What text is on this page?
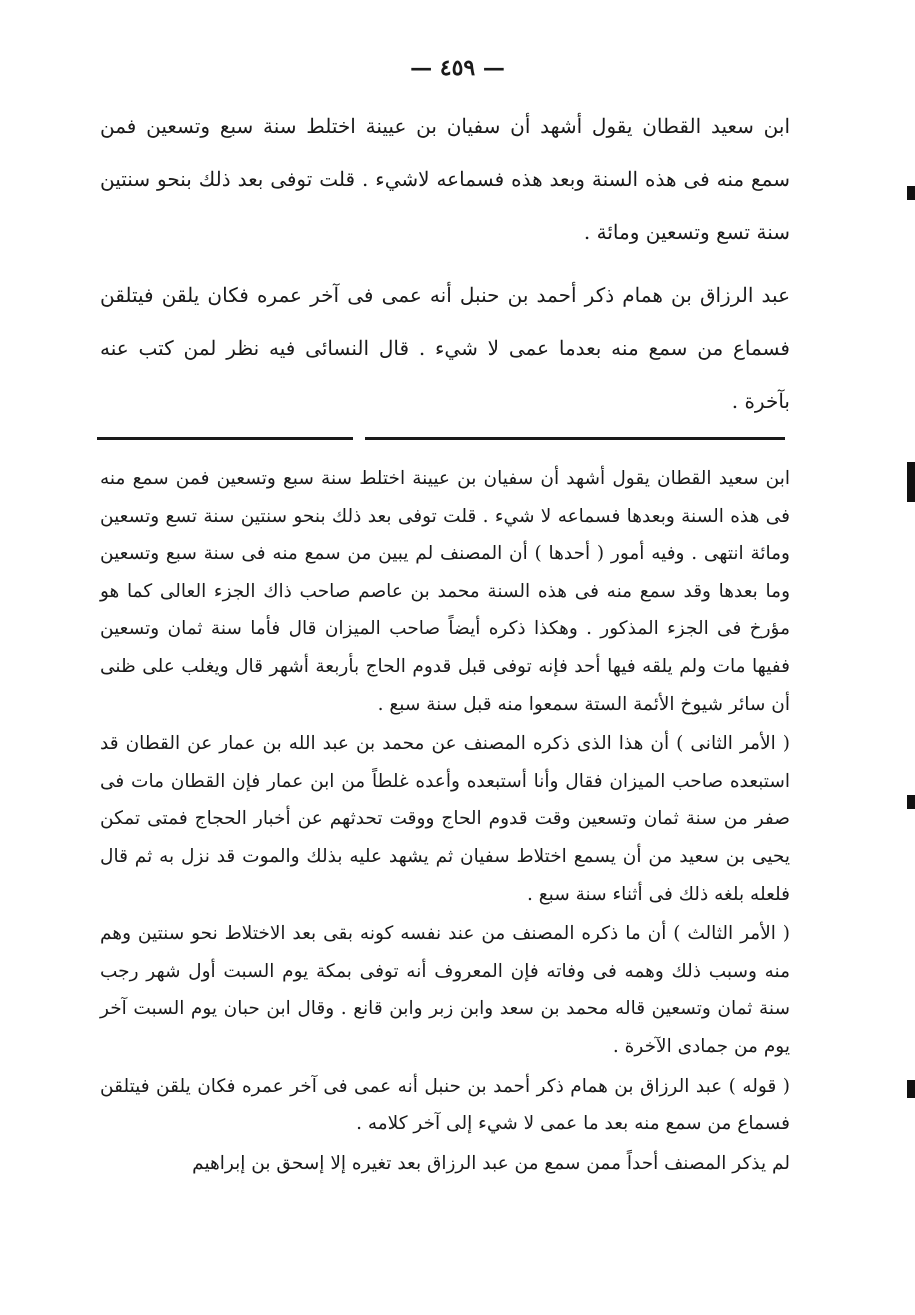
— ٤٥٩ —

ابن سعيد القطان يقول أشهد أن سفيان بن عيينة اختلط سنة سبع وتسعين فمن سمع منه فى هذه السنة وبعد هذه فسماعه لاشيء . قلت توفى بعد ذلك بنحو سنتين سنة تسع وتسعين ومائة .

عبد الرزاق بن همام ذكر أحمد بن حنبل أنه عمى فى آخر عمره فكان يلقن فيتلقن فسماع من سمع منه بعدما عمى لا شيء . قال النسائى فيه نظر لمن كتب عنه بآخرة .

ابن سعيد القطان يقول أشهد أن سفيان بن عيينة اختلط سنة سبع وتسعين فمن سمع منه فى هذه السنة وبعدها فسماعه لا شيء . قلت توفى بعد ذلك بنحو سنتين سنة تسع وتسعين ومائة انتهى . وفيه أمور ( أحدها ) أن المصنف لم يبين من سمع منه فى سنة سبع وتسعين وما بعدها وقد سمع منه فى هذه السنة محمد بن عاصم صاحب ذاك الجزء العالى كما هو مؤرخ فى الجزء المذكور . وهكذا ذكره أيضاً صاحب الميزان قال فأما سنة ثمان وتسعين ففيها مات ولم يلقه فيها أحد فإنه توفى قبل قدوم الحاج بأربعة أشهر قال ويغلب على ظنى أن سائر شيوخ الأئمة الستة سمعوا منه قبل سنة سبع .

( الأمر الثانى ) أن هذا الذى ذكره المصنف عن محمد بن عبد الله بن عمار عن القطان قد استبعده صاحب الميزان فقال وأنا أستبعده وأعده غلطاً من ابن عمار فإن القطان مات فى صفر من سنة ثمان وتسعين وقت قدوم الحاج ووقت تحدثهم عن أخبار الحجاج فمتى تمكن يحيى بن سعيد من أن يسمع اختلاط سفيان ثم يشهد عليه بذلك والموت قد نزل به ثم قال فلعله بلغه ذلك فى أثناء سنة سبع .

( الأمر الثالث ) أن ما ذكره المصنف من عند نفسه كونه بقى بعد الاختلاط نحو سنتين وهم منه وسبب ذلك وهمه فى وفاته فإن المعروف أنه توفى بمكة يوم السبت أول شهر رجب سنة ثمان وتسعين قاله محمد بن سعد وابن زبر وابن قانع . وقال ابن حبان يوم السبت آخر يوم من جمادى الآخرة .

( قوله ) عبد الرزاق بن همام ذكر أحمد بن حنبل أنه عمى فى آخر عمره فكان يلقن فيتلقن فسماع من سمع منه بعد ما عمى لا شيء إلى آخر كلامه .

لم يذكر المصنف أحداً ممن سمع من عبد الرزاق بعد تغيره إلا إسحق بن إبراهيم
